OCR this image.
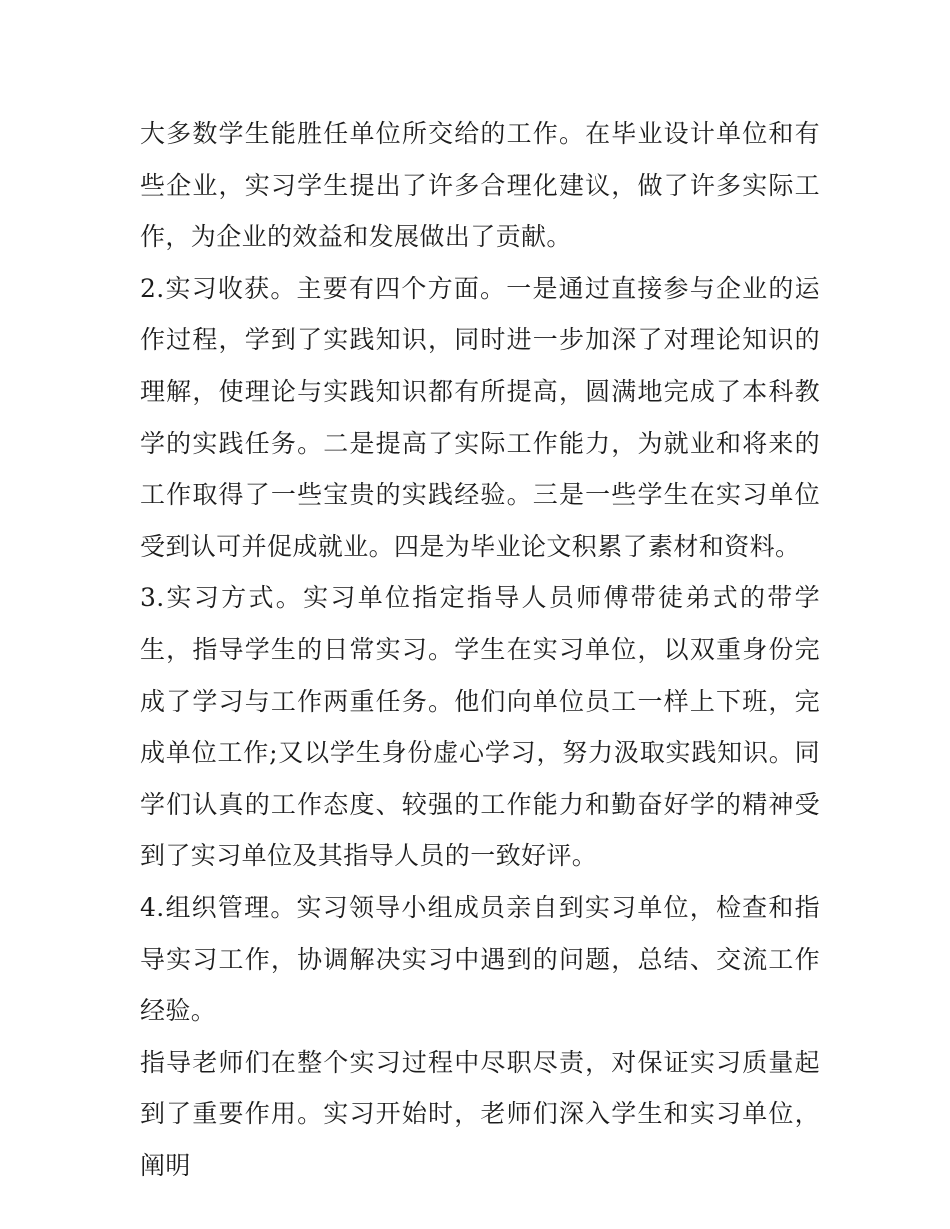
大多数学生能胜任单位所交给的工作。在毕业设计单位和有些企业，实习学生提出了许多合理化建议，做了许多实际工作，为企业的效益和发展做出了贡献。

2.实习收获。主要有四个方面。一是通过直接参与企业的运作过程，学到了实践知识，同时进一步加深了对理论知识的理解，使理论与实践知识都有所提高，圆满地完成了本科教学的实践任务。二是提高了实际工作能力，为就业和将来的工作取得了一些宝贵的实践经验。三是一些学生在实习单位受到认可并促成就业。四是为毕业论文积累了素材和资料。

3.实习方式。实习单位指定指导人员师傅带徒弟式的带学生，指导学生的日常实习。学生在实习单位，以双重身份完成了学习与工作两重任务。他们向单位员工一样上下班，完成单位工作;又以学生身份虚心学习，努力汲取实践知识。同学们认真的工作态度、较强的工作能力和勤奋好学的精神受到了实习单位及其指导人员的一致好评。

4.组织管理。实习领导小组成员亲自到实习单位，检查和指导实习工作，协调解决实习中遇到的问题，总结、交流工作经验。

指导老师们在整个实习过程中尽职尽责，对保证实习质量起到了重要作用。实习开始时，老师们深入学生和实习单位，阐明
